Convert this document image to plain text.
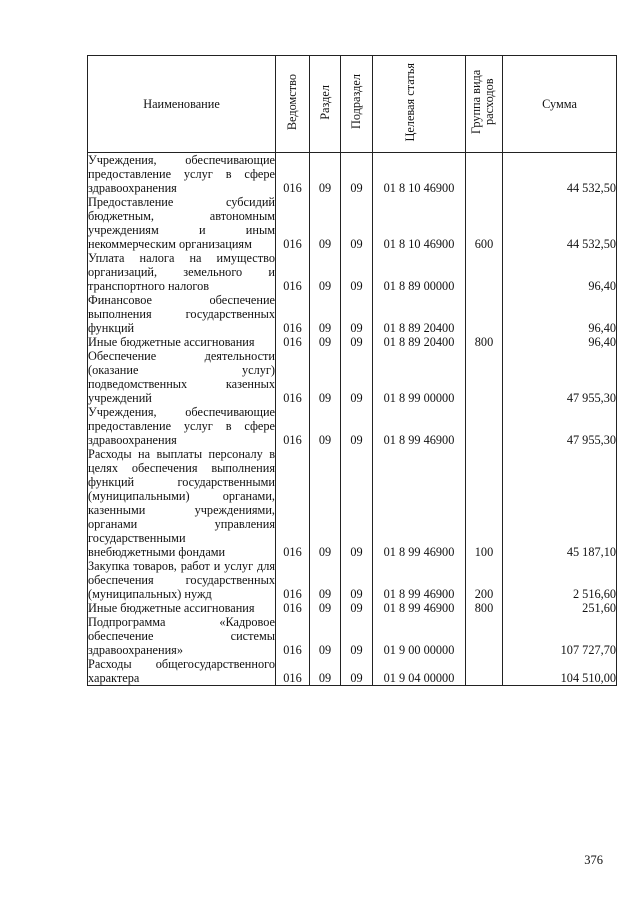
Наименование	Ведомство	Раздел	Подраздел	Целевая статья	Группа вида расходов	Сумма
Учреждения, обеспечивающие предоставление услуг в сфере здравоохранения	016	09	09	01 8 10 46900		44 532,50
Предоставление субсидий бюджетным, автономным учреждениям и иным некоммерческим организациям	016	09	09	01 8 10 46900	600	44 532,50
Уплата налога на имущество организаций, земельного и транспортного налогов	016	09	09	01 8 89 00000		96,40
Финансовое обеспечение выполнения государственных функций	016	09	09	01 8 89 20400		96,40
Иные бюджетные ассигнования	016	09	09	01 8 89 20400	800	96,40
Обеспечение деятельности (оказание услуг) подведомственных казенных учреждений	016	09	09	01 8 99 00000		47 955,30
Учреждения, обеспечивающие предоставление услуг в сфере здравоохранения	016	09	09	01 8 99 46900		47 955,30
Расходы на выплаты персоналу в целях обеспечения выполнения функций государственными (муниципальными) органами, казенными учреждениями, органами управления государственными внебюджетными фондами	016	09	09	01 8 99 46900	100	45 187,10
Закупка товаров, работ и услуг для обеспечения государственных (муниципальных) нужд	016	09	09	01 8 99 46900	200	2 516,60
Иные бюджетные ассигнования	016	09	09	01 8 99 46900	800	251,60
Подпрограмма «Кадровое обеспечение системы здравоохранения»	016	09	09	01 9 00 00000		107 727,70
Расходы общегосударственного характера	016	09	09	01 9 04 00000		104 510,00
376
